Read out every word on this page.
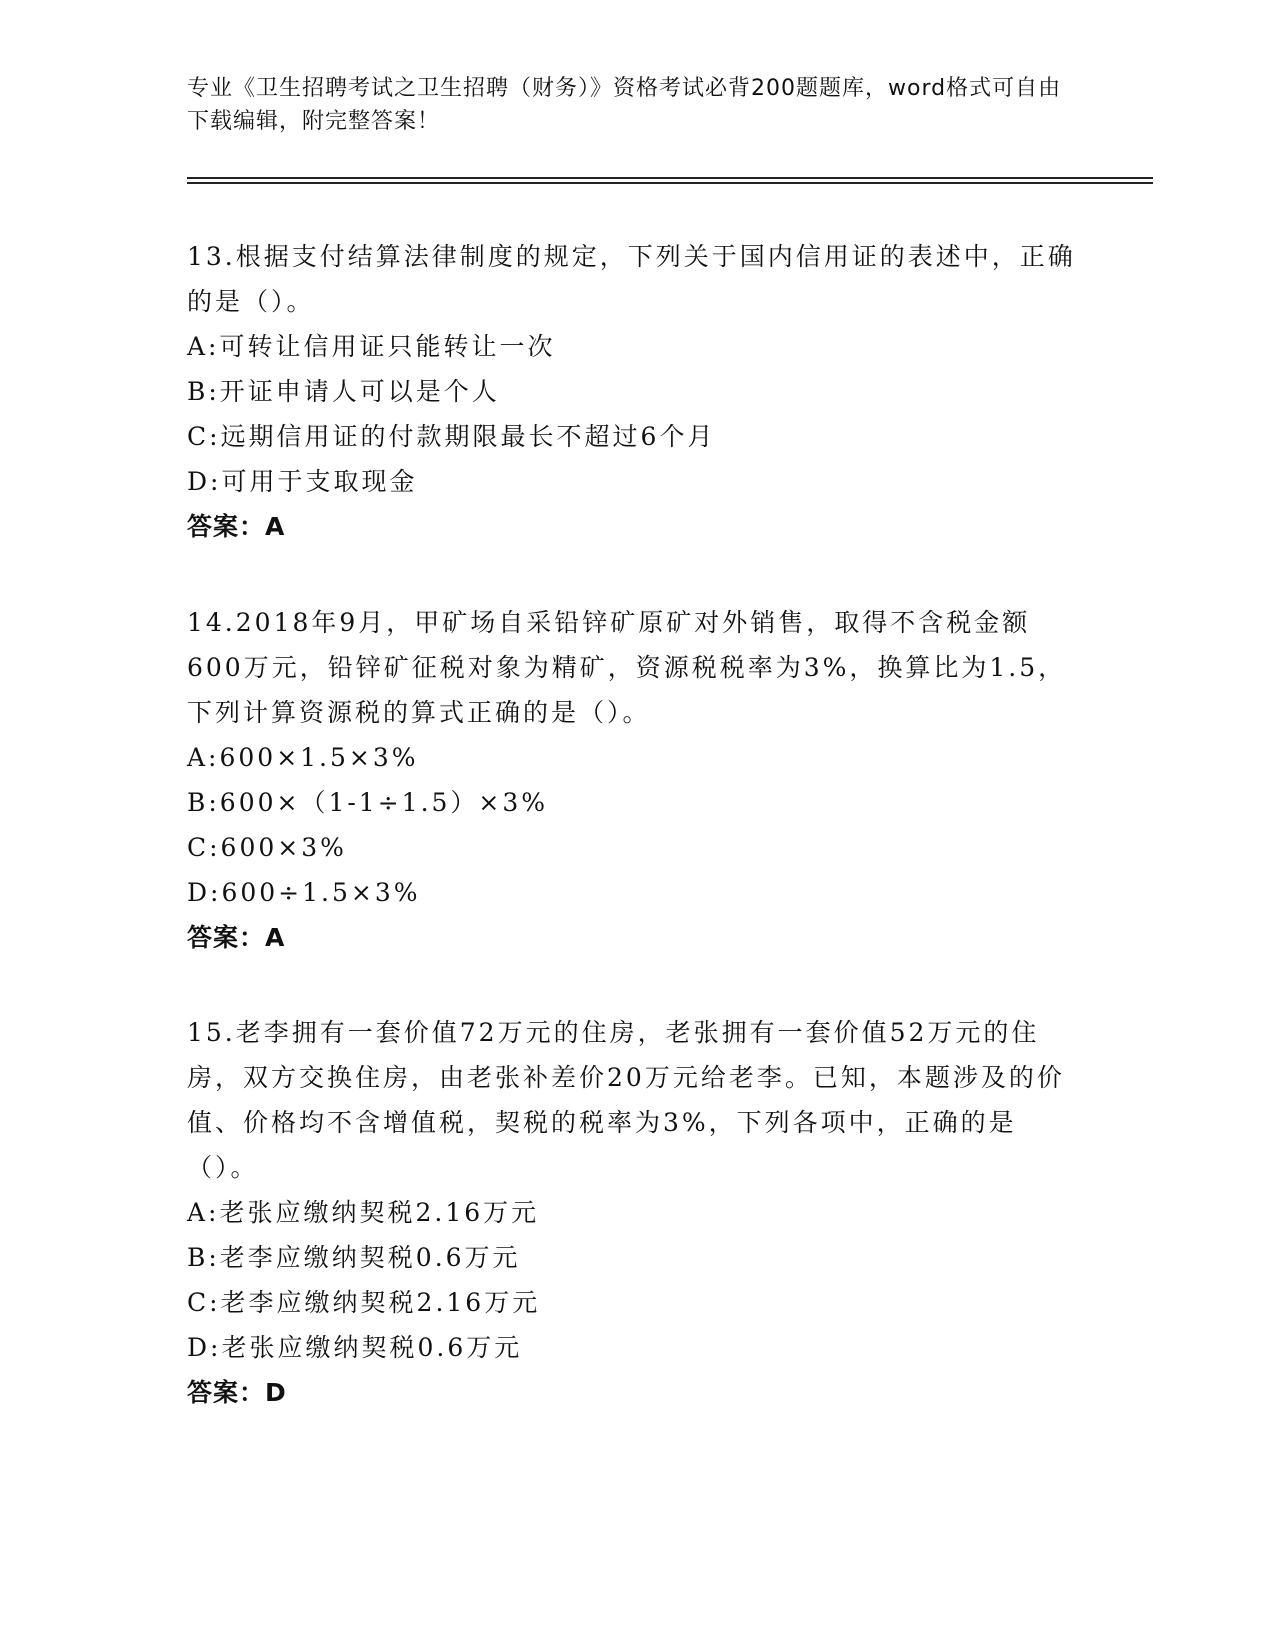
专业《卫生招聘考试之卫生招聘（财务）》资格考试必背200题题库，word格式可自由下载编辑，附完整答案！

13.根据支付结算法律制度的规定，下列关于国内信用证的表述中，正确的是（）。

A:可转让信用证只能转让一次

B:开证申请人可以是个人

C:远期信用证的付款期限最长不超过6个月

D:可用于支取现金

答案：A

14.2018年9月，甲矿场自采铅锌矿原矿对外销售，取得不含税金额600万元，铅锌矿征税对象为精矿，资源税税率为3%，换算比为1.5，下列计算资源税的算式正确的是（）。

A:600×1.5×3%

B:600×（1-1÷1.5）×3%

C:600×3%

D:600÷1.5×3%

答案：A

15.老李拥有一套价值72万元的住房，老张拥有一套价值52万元的住房，双方交换住房，由老张补差价20万元给老李。已知，本题涉及的价值、价格均不含增值税，契税的税率为3%，下列各项中，正确的是（）。

A:老张应缴纳契税2.16万元

B:老李应缴纳契税0.6万元

C:老李应缴纳契税2.16万元

D:老张应缴纳契税0.6万元

答案：D
